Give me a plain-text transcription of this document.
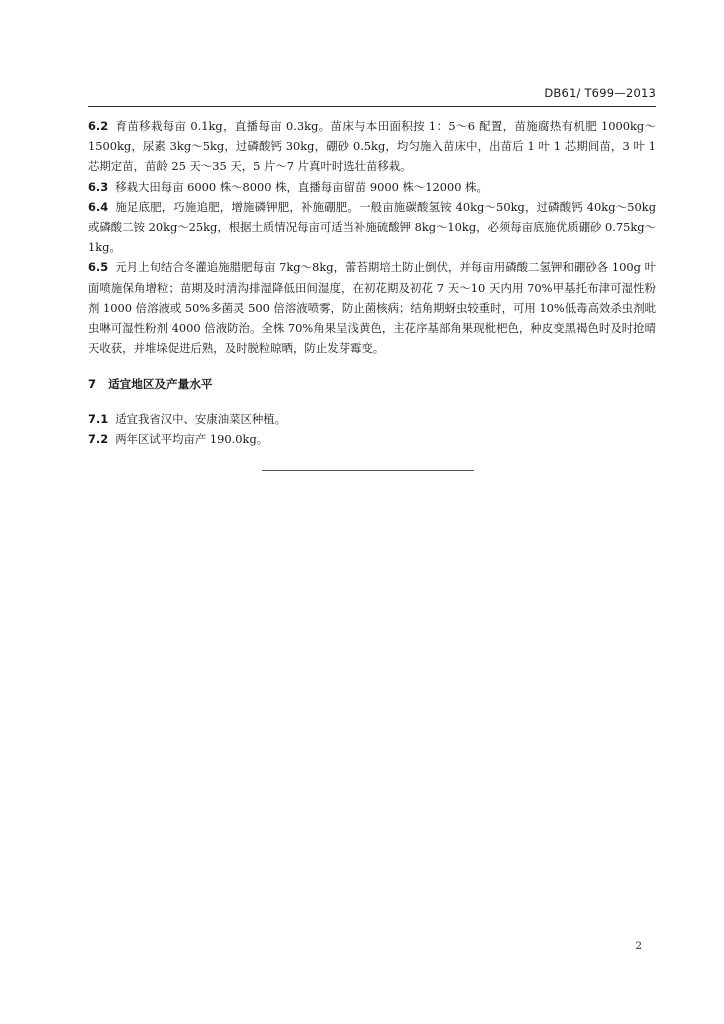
DB61/ T699—2013

6.2 育苗移栽每亩 0.1kg，直播每亩 0.3kg。苗床与本田面积按 1：5～6 配置，苗施腐热有机肥 1000kg～1500kg，尿素 3kg～5kg，过磷酸钙 30kg，硼砂 0.5kg，均匀施入苗床中，出苗后 1 叶 1 芯期间苗，3 叶 1 芯期定苗，苗龄 25 天～35 天，5 片～7 片真叶时选壮苗移栽。

6.3 移栽大田每亩 6000 株～8000 株，直播每亩留苗 9000 株～12000 株。

6.4 施足底肥，巧施追肥，增施磷钾肥，补施硼肥。一般亩施碳酸氢铵 40kg～50kg，过磷酸钙 40kg～50kg 或磷酸二铵 20kg～25kg，根据土质情况每亩可适当补施硫酸钾 8kg～10kg，必须每亩底施优质硼砂 0.75kg～1kg。

6.5 元月上旬结合冬灌追施腊肥每亩 7kg～8kg，蕾苔期培土防止倒伏，并每亩用磷酸二氢钾和硼砂各 100g 叶面喷施保角增粒；苗期及时清沟排湿降低田间湿度，在初花期及初花 7 天～10 天内用 70%甲基托布津可湿性粉剂 1000 倍溶液或 50%多菌灵 500 倍溶液喷雾，防止菌核病；结角期蚜虫较重时，可用 10%低毒高效杀虫剂吡虫啉可湿性粉剂 4000 倍液防治。全株 70%角果呈浅黄色，主花序基部角果现枇杷色，种皮变黑褐色时及时抢晴天收获，并堆垛促进后熟，及时脱粒晾晒，防止发芽霉变。

7 适宜地区及产量水平

7.1 适宜我省汉中、安康油菜区种植。

7.2 两年区试平均亩产 190.0kg。

2
